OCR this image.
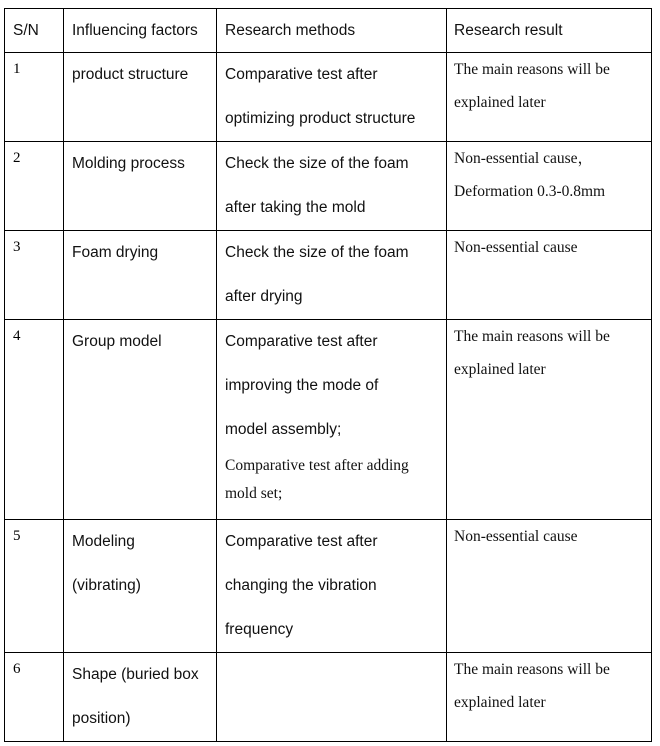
S/N	Influencing factors	Research methods	Research result
1	product structure	Comparative test after
optimizing product structure	The main reasons will be
explained later

2	Molding process	Check the size of the foam
after taking the mold	Non-essential cause，
Deformation 0.3-0.8mm

3	Foam drying	Check the size of the foam
after drying	Non-essential cause

4	Group model	Comparative test after
improving the mode of
model assembly;
Comparative test after adding
mold set;	The main reasons will be
explained later

5	Modeling
(vibrating)	Comparative test after
changing the vibration
frequency	Non-essential cause

6	Shape (buried box
position)		The main reasons will be
explained later
